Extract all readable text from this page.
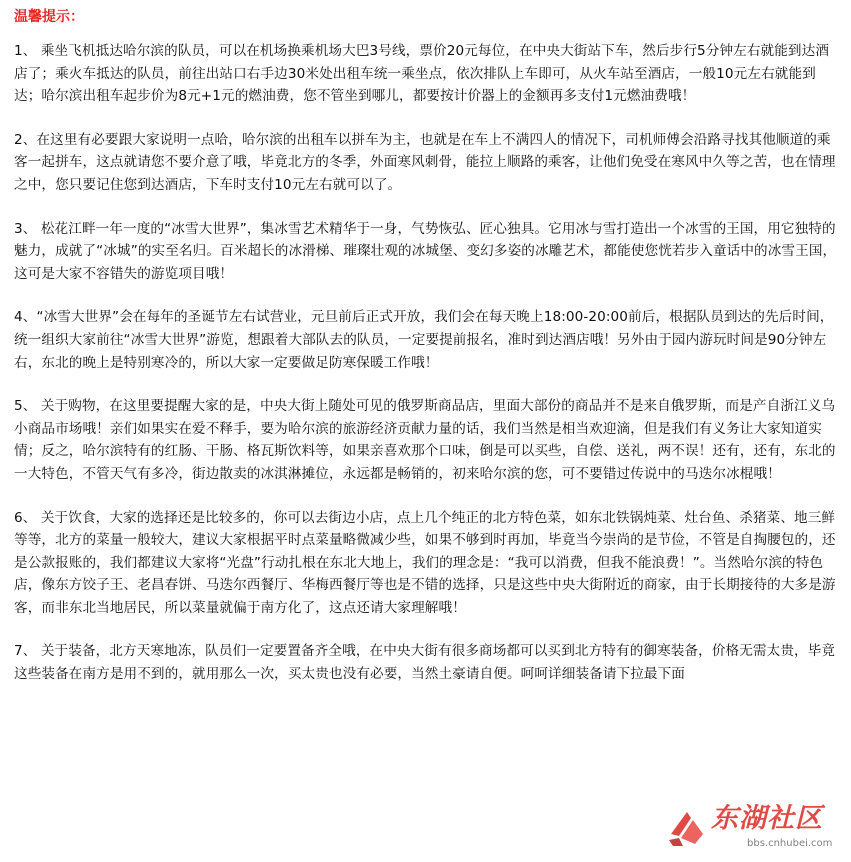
温馨提示：

1、 乘坐飞机抵达哈尔滨的队员，可以在机场换乘机场大巴3号线，票价20元每位，在中央大街站下车，然后步行5分钟左右就能到达酒店了；乘火车抵达的队员，前往出站口右手边30米处出租车统一乘坐点，依次排队上车即可，从火车站至酒店，一般10元左右就能到达；哈尔滨出租车起步价为8元+1元的燃油费，您不管坐到哪儿，都要按计价器上的金额再多支付1元燃油费哦！

2、在这里有必要跟大家说明一点哈，哈尔滨的出租车以拼车为主，也就是在车上不满四人的情况下，司机师傅会沿路寻找其他顺道的乘客一起拼车，这点就请您不要介意了哦，毕竟北方的冬季，外面寒风刺骨，能拉上顺路的乘客，让他们免受在寒风中久等之苦，也在情理之中，您只要记住您到达酒店，下车时支付10元左右就可以了。

3、 松花江畔一年一度的“冰雪大世界”，集冰雪艺术精华于一身，气势恢弘、匠心独具。它用冰与雪打造出一个冰雪的王国，用它独特的魅力，成就了“冰城”的实至名归。百米超长的冰滑梯、璀璨壮观的冰城堡、变幻多姿的冰雕艺术，都能使您恍若步入童话中的冰雪王国，这可是大家不容错失的游览项目哦！

4、“冰雪大世界”会在每年的圣诞节左右试营业，元旦前后正式开放，我们会在每天晚上18:00-20:00前后，根据队员到达的先后时间，统一组织大家前往“冰雪大世界”游览，想跟着大部队去的队员，一定要提前报名，准时到达酒店哦！另外由于园内游玩时间是90分钟左右，东北的晚上是特别寒冷的，所以大家一定要做足防寒保暖工作哦！

5、 关于购物，在这里要提醒大家的是，中央大街上随处可见的俄罗斯商品店，里面大部份的商品并不是来自俄罗斯，而是产自浙江义乌小商品市场哦！亲们如果实在爱不释手，要为哈尔滨的旅游经济贡献力量的话，我们当然是相当欢迎滴，但是我们有义务让大家知道实情；反之，哈尔滨特有的红肠、干肠、格瓦斯饮料等，如果亲喜欢那个口味，倒是可以买些，自偿、送礼，两不误！还有，还有，东北的一大特色，不管天气有多冷，街边散卖的冰淇淋摊位，永远都是畅销的，初来哈尔滨的您，可不要错过传说中的马迭尔冰棍哦！

6、 关于饮食，大家的选择还是比较多的，你可以去街边小店，点上几个纯正的北方特色菜，如东北铁锅炖菜、灶台鱼、杀猪菜、地三鲜等等，北方的菜量一般较大，建议大家根据平时点菜量略微减少些，如果不够到时再加，毕竟当今崇尚的是节俭，不管是自掏腰包的，还是公款报账的，我们都建议大家将“光盘”行动扎根在东北大地上，我们的理念是：“我可以消费，但我不能浪费！”。当然哈尔滨的特色店，像东方饺子王、老昌春饼、马迭尔西餐厅、华梅西餐厅等也是不错的选择，只是这些中央大街附近的商家，由于长期接待的大多是游客，而非东北当地居民，所以菜量就偏于南方化了，这点还请大家理解哦！

7、 关于装备，北方天寒地冻，队员们一定要置备齐全哦，在中央大街有很多商场都可以买到北方特有的御寒装备，价格无需太贵，毕竟这些装备在南方是用不到的，就用那么一次，买太贵也没有必要，当然土豪请自便。呵呵详细装备请下拉最下面

东湖社区
bbs.cnhubei.com
